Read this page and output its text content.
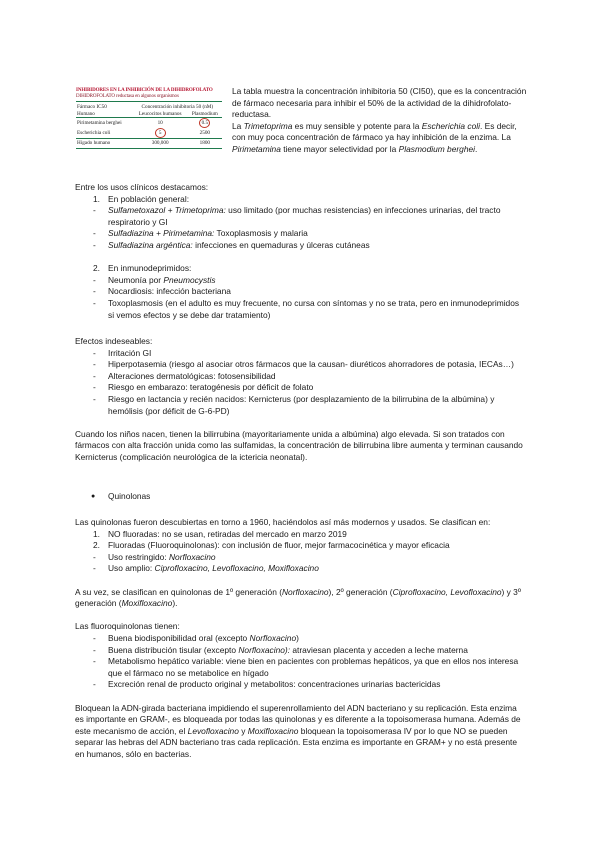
INHIBIDORES EN LA INHIBICIÓN DE LA DIHIDROFOLATO
DIHIDROFOLATO reductasa en algunos organismos
Fármaco IC50	Concentración inhibitoria 50 (nM)	
Humano	Leucocitos humanos	Plasmodium
Pirimetamina berghei	10	0.5
Escherichia coli	5	2500
Hígado humano	300,000	1800
La tabla muestra la concentración inhibitoria 50 (CI50), que es la concentración de fármaco necesaria para inhibir el 50% de la actividad de la dihidrofolato-reductasa.
La Trimetoprima es muy sensible y potente para la Escherichia coli. Es decir, con muy poca concentración de fármaco ya hay inhibición de la enzima. La Pirimetamina tiene mayor selectividad por la Plasmodium berghei.
Entre los usos clínicos destacamos:
1. En población general:
- Sulfametoxazol + Trimetoprima: uso limitado (por muchas resistencias) en infecciones urinarias, del tracto respiratorio y GI
- Sulfadiazina + Pirimetamina: Toxoplasmosis y malaria
- Sulfadiazina argéntica: infecciones en quemaduras y úlceras cutáneas
2. En inmunodeprimidos:
- Neumonía por Pneumocystis
- Nocardiosis: infección bacteriana
- Toxoplasmosis (en el adulto es muy frecuente, no cursa con síntomas y no se trata, pero en inmunodeprimidos si vemos efectos y se debe dar tratamiento)
Efectos indeseables:
- Irritación GI
- Hiperpotasemia (riesgo al asociar otros fármacos que la causan- diuréticos ahorradores de potasia, IECAs…)
- Alteraciones dermatológicas: fotosensibilidad
- Riesgo en embarazo: teratogénesis por déficit de folato
- Riesgo en lactancia y recién nacidos: Kernicterus (por desplazamiento de la bilirrubina de la albúmina) y hemólisis (por déficit de G-6-PD)
Cuando los niños nacen, tienen la bilirrubina (mayoritariamente unida a albúmina) algo elevada. Si son tratados con fármacos con alta fracción unida como las sulfamidas, la concentración de bilirrubina libre aumenta y terminan causando Kernicterus (complicación neurológica de la ictericia neonatal).
● Quinolonas
Las quinolonas fueron descubiertas en torno a 1960, haciéndolos así más modernos y usados. Se clasifican en:
1. NO fluoradas: no se usan, retiradas del mercado en marzo 2019
2. Fluoradas (Fluoroquinolonas): con inclusión de fluor, mejor farmacocinética y mayor eficacia
- Uso restringido: Norfloxacino
- Uso amplio: Ciprofloxacino, Levofloxacino, Moxifloxacino
A su vez, se clasifican en quinolonas de 1º generación (Norfloxacino), 2º generación (Ciprofloxacino, Levofloxacino) y 3º generación (Moxifloxacino).
Las fluoroquinolonas tienen:
- Buena biodisponibilidad oral (excepto Norfloxacino)
- Buena distribución tisular (excepto Norfloxacino): atraviesan placenta y acceden a leche materna
- Metabolismo hepático variable: viene bien en pacientes con problemas hepáticos, ya que en ellos nos interesa que el fármaco no se metabolice en hígado
- Excreción renal de producto original y metabolitos: concentraciones urinarias bactericidas
Bloquean la ADN-girada bacteriana impidiendo el superenrollamiento del ADN bacteriano y su replicación. Esta enzima es importante en GRAM-, es bloqueada por todas las quinolonas y es diferente a la topoisomerasa humana. Además de este mecanismo de acción, el Levofloxacino y Moxifloxacino bloquean la topoisomerasa IV por lo que NO se pueden separar las hebras del ADN bacteriano tras cada replicación. Esta enzima es importante en GRAM+ y no está presente en humanos, sólo en bacterias.
